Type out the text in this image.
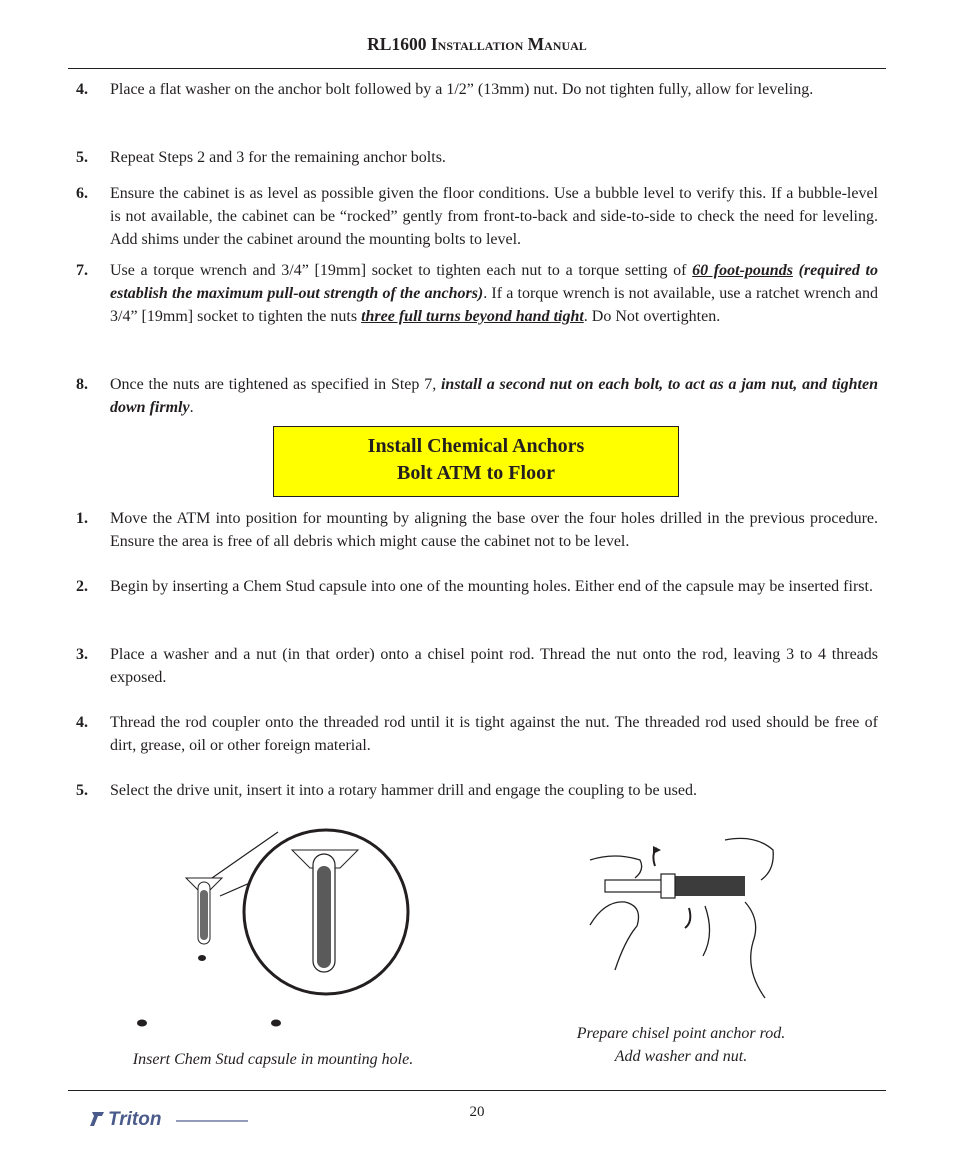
RL1600 Installation Manual
4. Place a flat washer on the anchor bolt followed by a 1/2” (13mm) nut. Do not tighten fully, allow for leveling.
5. Repeat Steps 2 and 3 for the remaining anchor bolts.
6. Ensure the cabinet is as level as possible given the floor conditions. Use a bubble level to verify this. If a bubble-level is not available, the cabinet can be “rocked” gently from front-to-back and side-to-side to check the need for leveling. Add shims under the cabinet around the mounting bolts to level.
7. Use a torque wrench and 3/4” [19mm] socket to tighten each nut to a torque setting of 60 foot-pounds (required to establish the maximum pull-out strength of the anchors). If a torque wrench is not available, use a ratchet wrench and 3/4” [19mm] socket to tighten the nuts three full turns beyond hand tight. Do Not overtighten.
8. Once the nuts are tightened as specified in Step 7, install a second nut on each bolt, to act as a jam nut, and tighten down firmly.
Install Chemical Anchors
Bolt ATM to Floor
1. Move the ATM into position for mounting by aligning the base over the four holes drilled in the previous procedure. Ensure the area is free of all debris which might cause the cabinet not to be level.
2. Begin by inserting a Chem Stud capsule into one of the mounting holes. Either end of the capsule may be inserted first.
3. Place a washer and a nut (in that order) onto a chisel point rod. Thread the nut onto the rod, leaving 3 to 4 threads exposed.
4. Thread the rod coupler onto the threaded rod until it is tight against the nut. The threaded rod used should be free of dirt, grease, oil or other foreign material.
5. Select the drive unit, insert it into a rotary hammer drill and engage the coupling to be used.
Insert Chem Stud capsule in mounting hole.
Prepare chisel point anchor rod.
Add washer and nut.
Triton	20
